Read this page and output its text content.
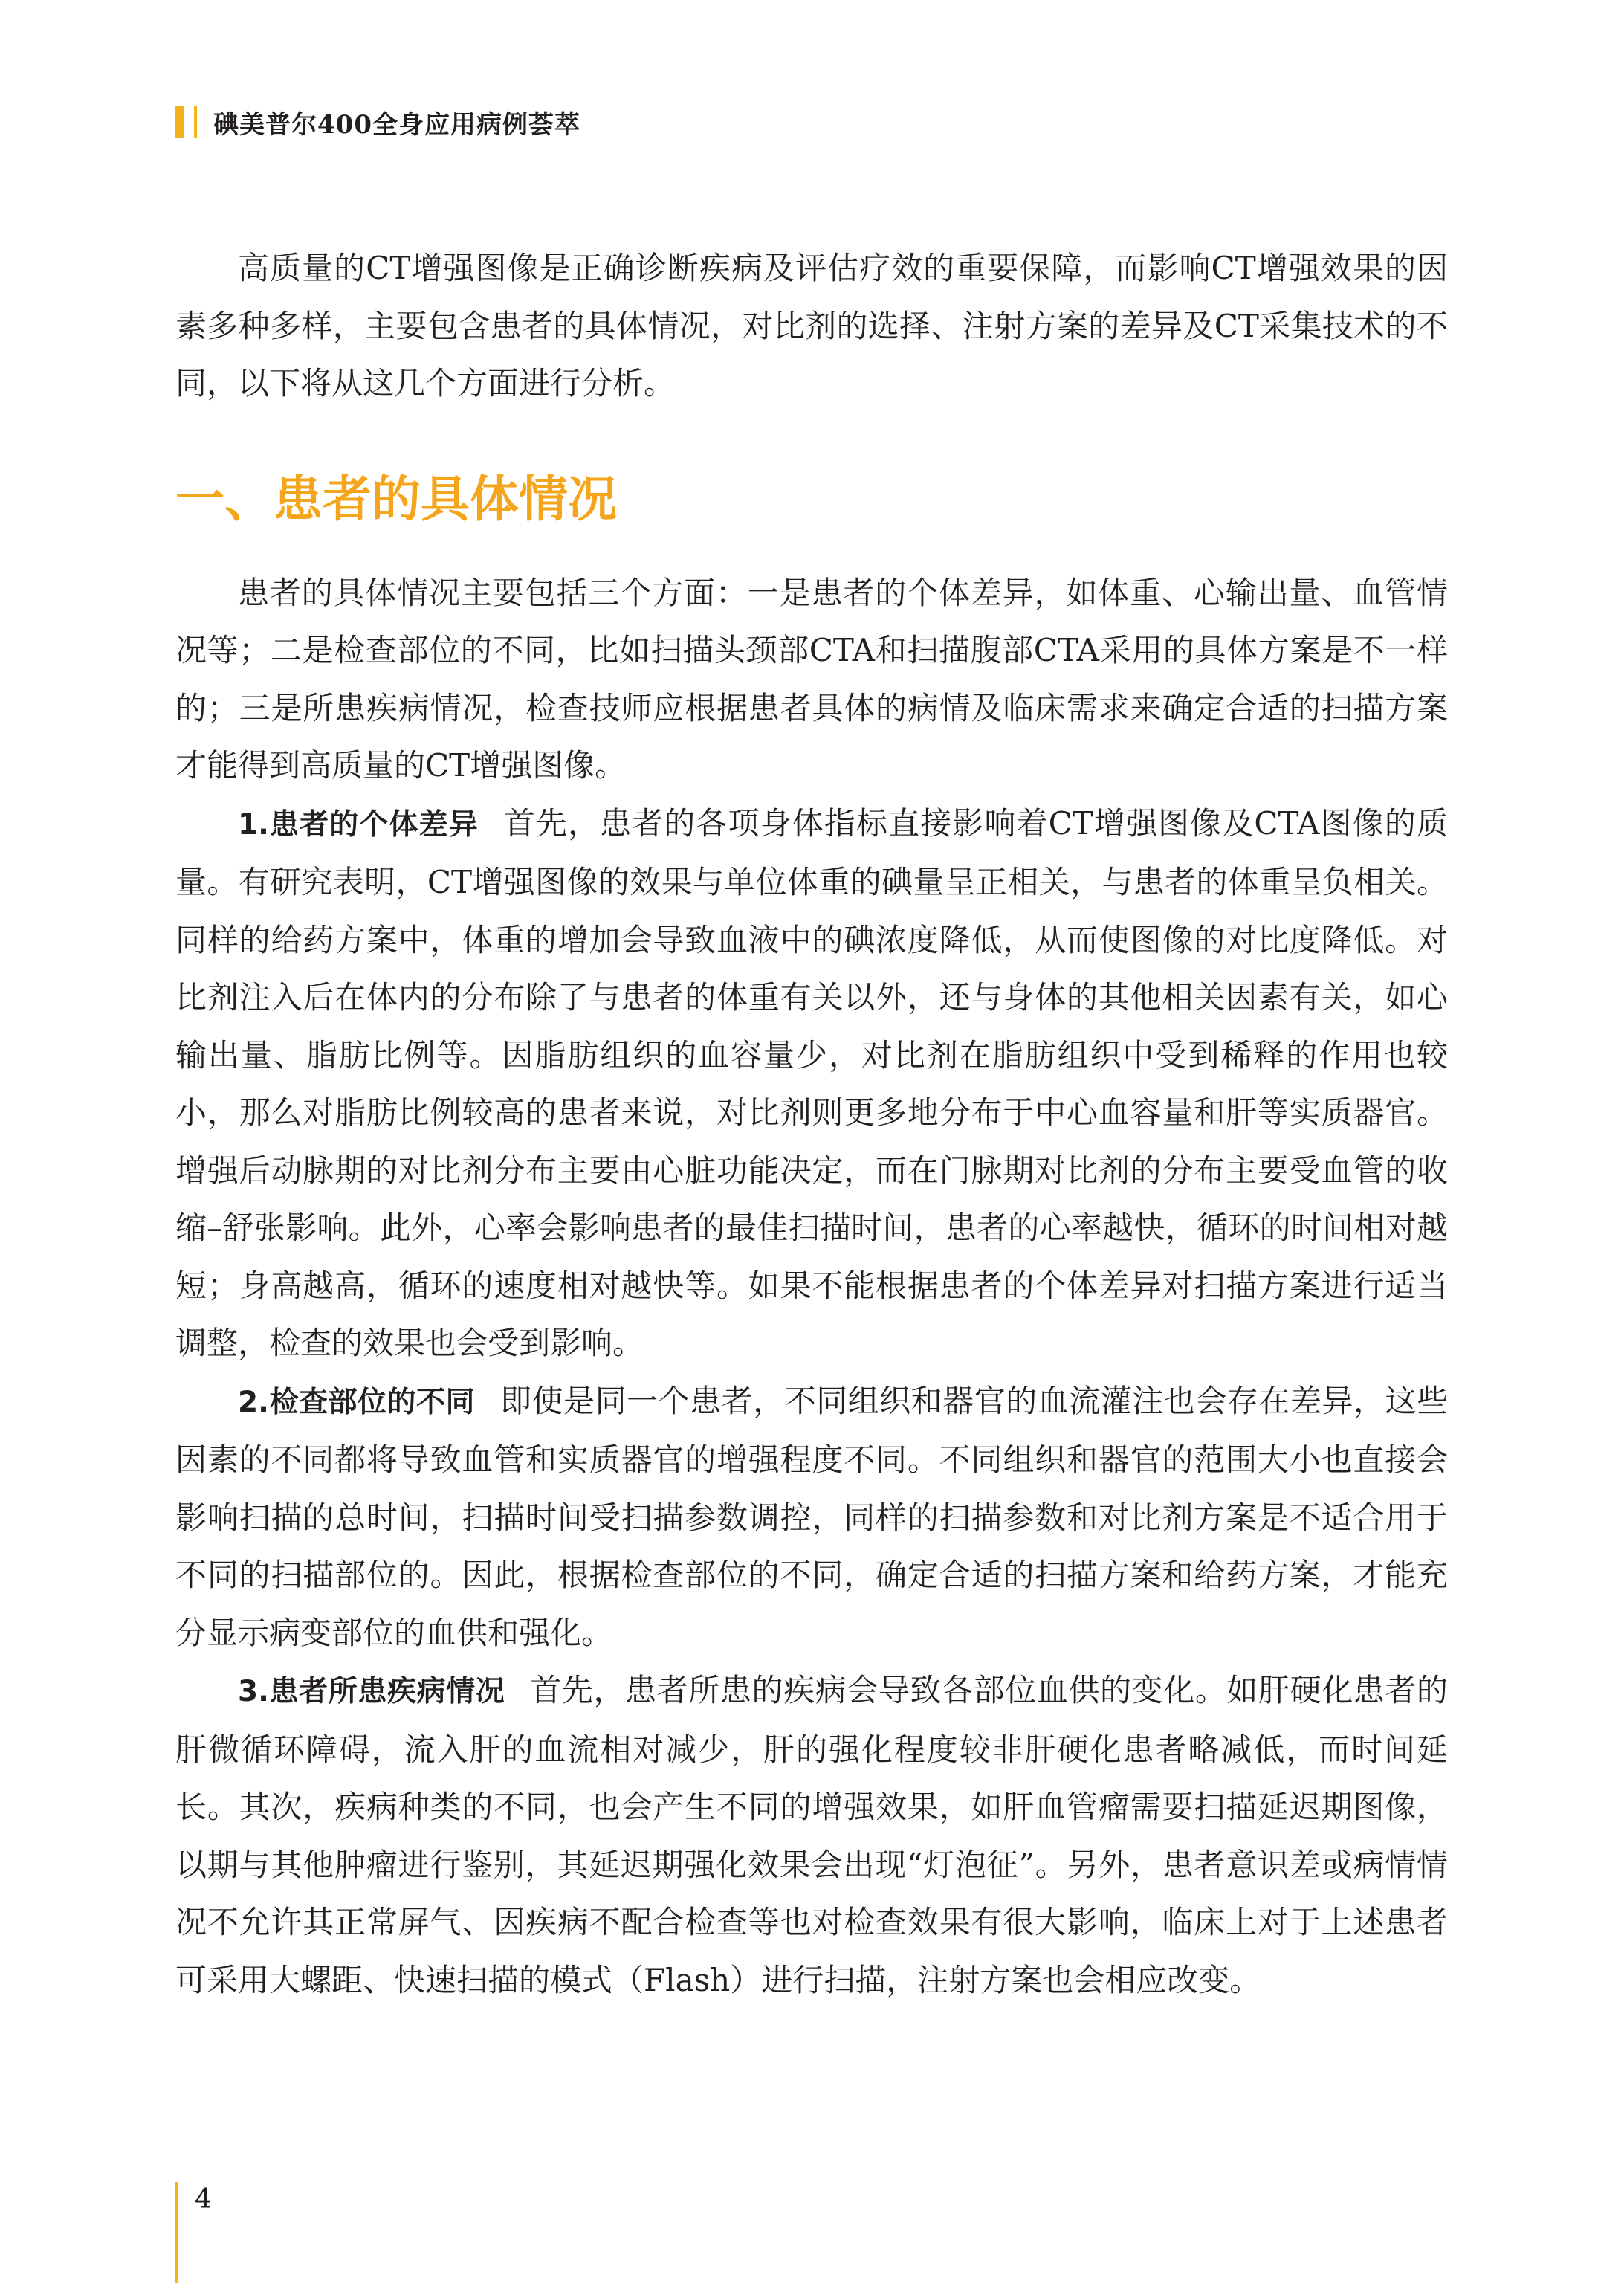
碘美普尔400全身应用病例荟萃

高质量的CT增强图像是正确诊断疾病及评估疗效的重要保障，而影响CT增强效果的因素多种多样，主要包含患者的具体情况，对比剂的选择、注射方案的差异及CT采集技术的不同，以下将从这几个方面进行分析。

一、患者的具体情况

患者的具体情况主要包括三个方面：一是患者的个体差异，如体重、心输出量、血管情况等；二是检查部位的不同，比如扫描头颈部CTA和扫描腹部CTA采用的具体方案是不一样的；三是所患疾病情况，检查技师应根据患者具体的病情及临床需求来确定合适的扫描方案才能得到高质量的CT增强图像。

1.患者的个体差异 首先，患者的各项身体指标直接影响着CT增强图像及CTA图像的质量。有研究表明，CT增强图像的效果与单位体重的碘量呈正相关，与患者的体重呈负相关。同样的给药方案中，体重的增加会导致血液中的碘浓度降低，从而使图像的对比度降低。对比剂注入后在体内的分布除了与患者的体重有关以外，还与身体的其他相关因素有关，如心输出量、脂肪比例等。因脂肪组织的血容量少，对比剂在脂肪组织中受到稀释的作用也较小，那么对脂肪比例较高的患者来说，对比剂则更多地分布于中心血容量和肝等实质器官。增强后动脉期的对比剂分布主要由心脏功能决定，而在门脉期对比剂的分布主要受血管的收缩–舒张影响。此外，心率会影响患者的最佳扫描时间，患者的心率越快，循环的时间相对越短；身高越高，循环的速度相对越快等。如果不能根据患者的个体差异对扫描方案进行适当调整，检查的效果也会受到影响。

2.检查部位的不同 即使是同一个患者，不同组织和器官的血流灌注也会存在差异，这些因素的不同都将导致血管和实质器官的增强程度不同。不同组织和器官的范围大小也直接会影响扫描的总时间，扫描时间受扫描参数调控，同样的扫描参数和对比剂方案是不适合用于不同的扫描部位的。因此，根据检查部位的不同，确定合适的扫描方案和给药方案，才能充分显示病变部位的血供和强化。

3.患者所患疾病情况 首先，患者所患的疾病会导致各部位血供的变化。如肝硬化患者的肝微循环障碍，流入肝的血流相对减少，肝的强化程度较非肝硬化患者略减低，而时间延长。其次，疾病种类的不同，也会产生不同的增强效果，如肝血管瘤需要扫描延迟期图像，以期与其他肿瘤进行鉴别，其延迟期强化效果会出现“灯泡征”。另外，患者意识差或病情情况不允许其正常屏气、因疾病不配合检查等也对检查效果有很大影响，临床上对于上述患者可采用大螺距、快速扫描的模式（Flash）进行扫描，注射方案也会相应改变。

4
